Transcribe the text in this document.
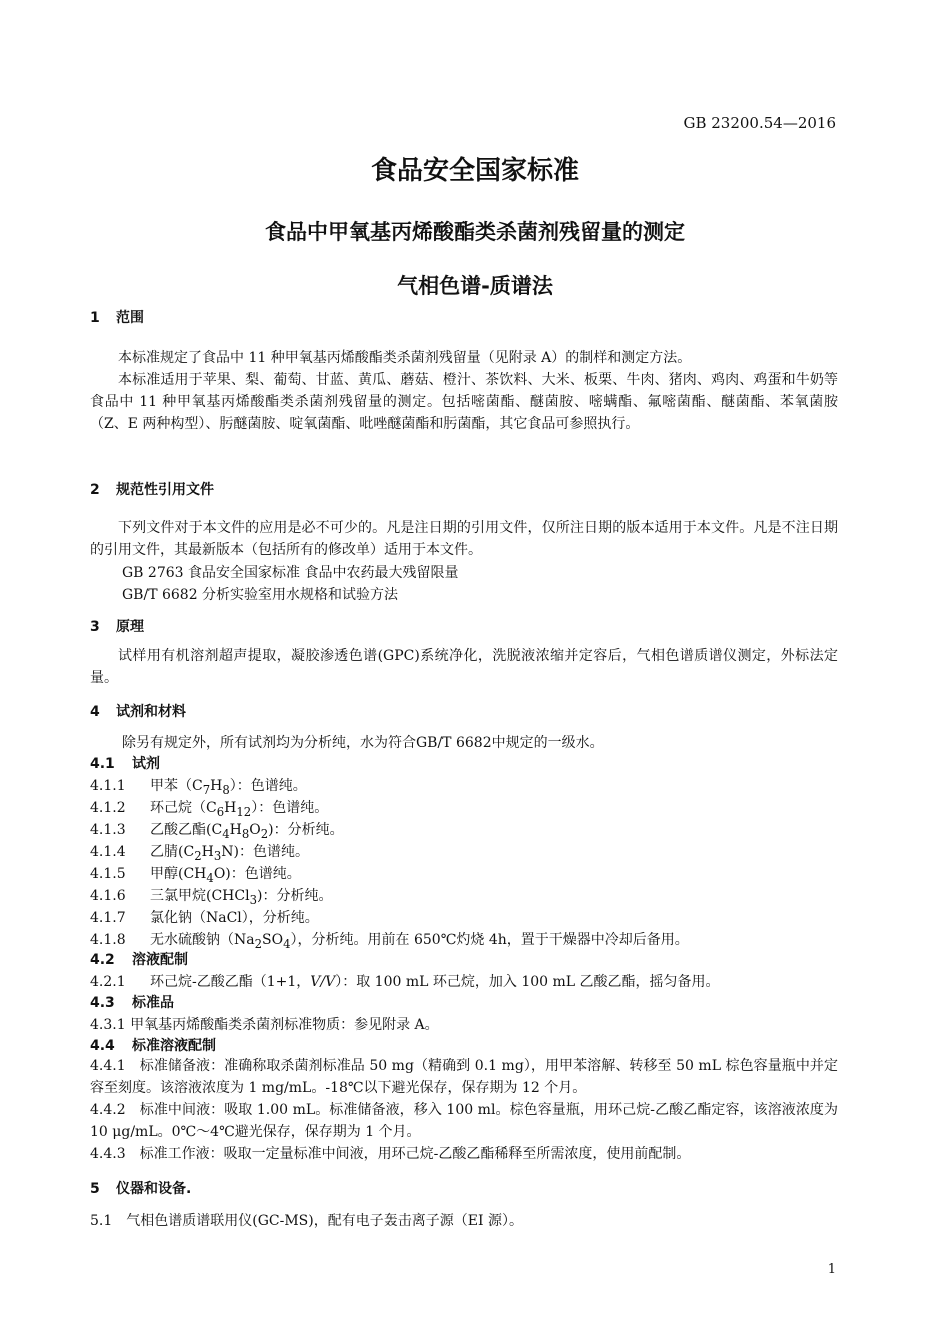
GB 23200.54—2016
食品安全国家标准
食品中甲氧基丙烯酸酯类杀菌剂残留量的测定
气相色谱-质谱法
1 范围
本标准规定了食品中 11 种甲氧基丙烯酸酯类杀菌剂残留量（见附录 A）的制样和测定方法。
本标准适用于苹果、梨、葡萄、甘蓝、黄瓜、蘑菇、橙汁、茶饮料、大米、板栗、牛肉、猪肉、鸡肉、鸡蛋和牛奶等食品中 11 种甲氧基丙烯酸酯类杀菌剂残留量的测定。包括嘧菌酯、醚菌胺、嘧螨酯、氟嘧菌酯、醚菌酯、苯氧菌胺（Z、E 两种构型）、肟醚菌胺、啶氧菌酯、吡唑醚菌酯和肟菌酯，其它食品可参照执行。
2 规范性引用文件
下列文件对于本文件的应用是必不可少的。凡是注日期的引用文件，仅所注日期的版本适用于本文件。凡是不注日期的引用文件，其最新版本（包括所有的修改单）适用于本文件。
GB 2763 食品安全国家标准 食品中农药最大残留限量
GB/T 6682 分析实验室用水规格和试验方法
3 原理
试样用有机溶剂超声提取，凝胶渗透色谱(GPC)系统净化，洗脱液浓缩并定容后，气相色谱质谱仪测定，外标法定量。
4 试剂和材料
除另有规定外，所有试剂均为分析纯，水为符合GB/T 6682中规定的一级水。
4.1 试剂
4.1.1 甲苯$(C_7H_8)$：色谱纯。
4.1.2 环己烷$(C_6H_{12})$：色谱纯。
4.1.3 乙酸乙酯$(C_4H_8O_2)$：分析纯。
4.1.4 乙腈$(C_2H_3N)$：色谱纯。
4.1.5 甲醇$(CH_4O)$：色谱纯。
4.1.6 三氯甲烷(CHCl$_3$)：分析纯。
4.1.7 氯化钠（NaCl），分析纯。
4.1.8 无水硫酸钠$(Na_2SO_4)$，分析纯。用前在 650℃灼烧 4h，置于干燥器中冷却后备用。
4.2 溶液配制
4.2.1 环己烷-乙酸乙酯（1+1，V/V）：取 100 mL 环己烷，加入 100 mL 乙酸乙酯，摇匀备用。
4.3 标准品
4.3.1 甲氧基丙烯酸酯类杀菌剂标准物质：参见附录 A。
4.4 标准溶液配制
4.4.1　标准储备液：准确称取杀菌剂标准品 50 mg（精确到 0.1 mg），用甲苯溶解、转移至 50 mL 棕色容量瓶中并定容至刻度。该溶液浓度为 1 mg/mL。-18℃以下避光保存，保存期为 12 个月。
4.4.2　标准中间液：吸取 1.00 mL。标准储备液，移入 100 ml。棕色容量瓶，用环己烷-乙酸乙酯定容，该溶液浓度为 10 μg/mL。0℃～4℃避光保存，保存期为 1 个月。
4.4.3　标准工作液：吸取一定量标准中间液，用环己烷-乙酸乙酯稀释至所需浓度，使用前配制。
5 仪器和设备.
5.1　气相色谱质谱联用仪(GC-MS)，配有电子轰击离子源（EI 源）。
1
